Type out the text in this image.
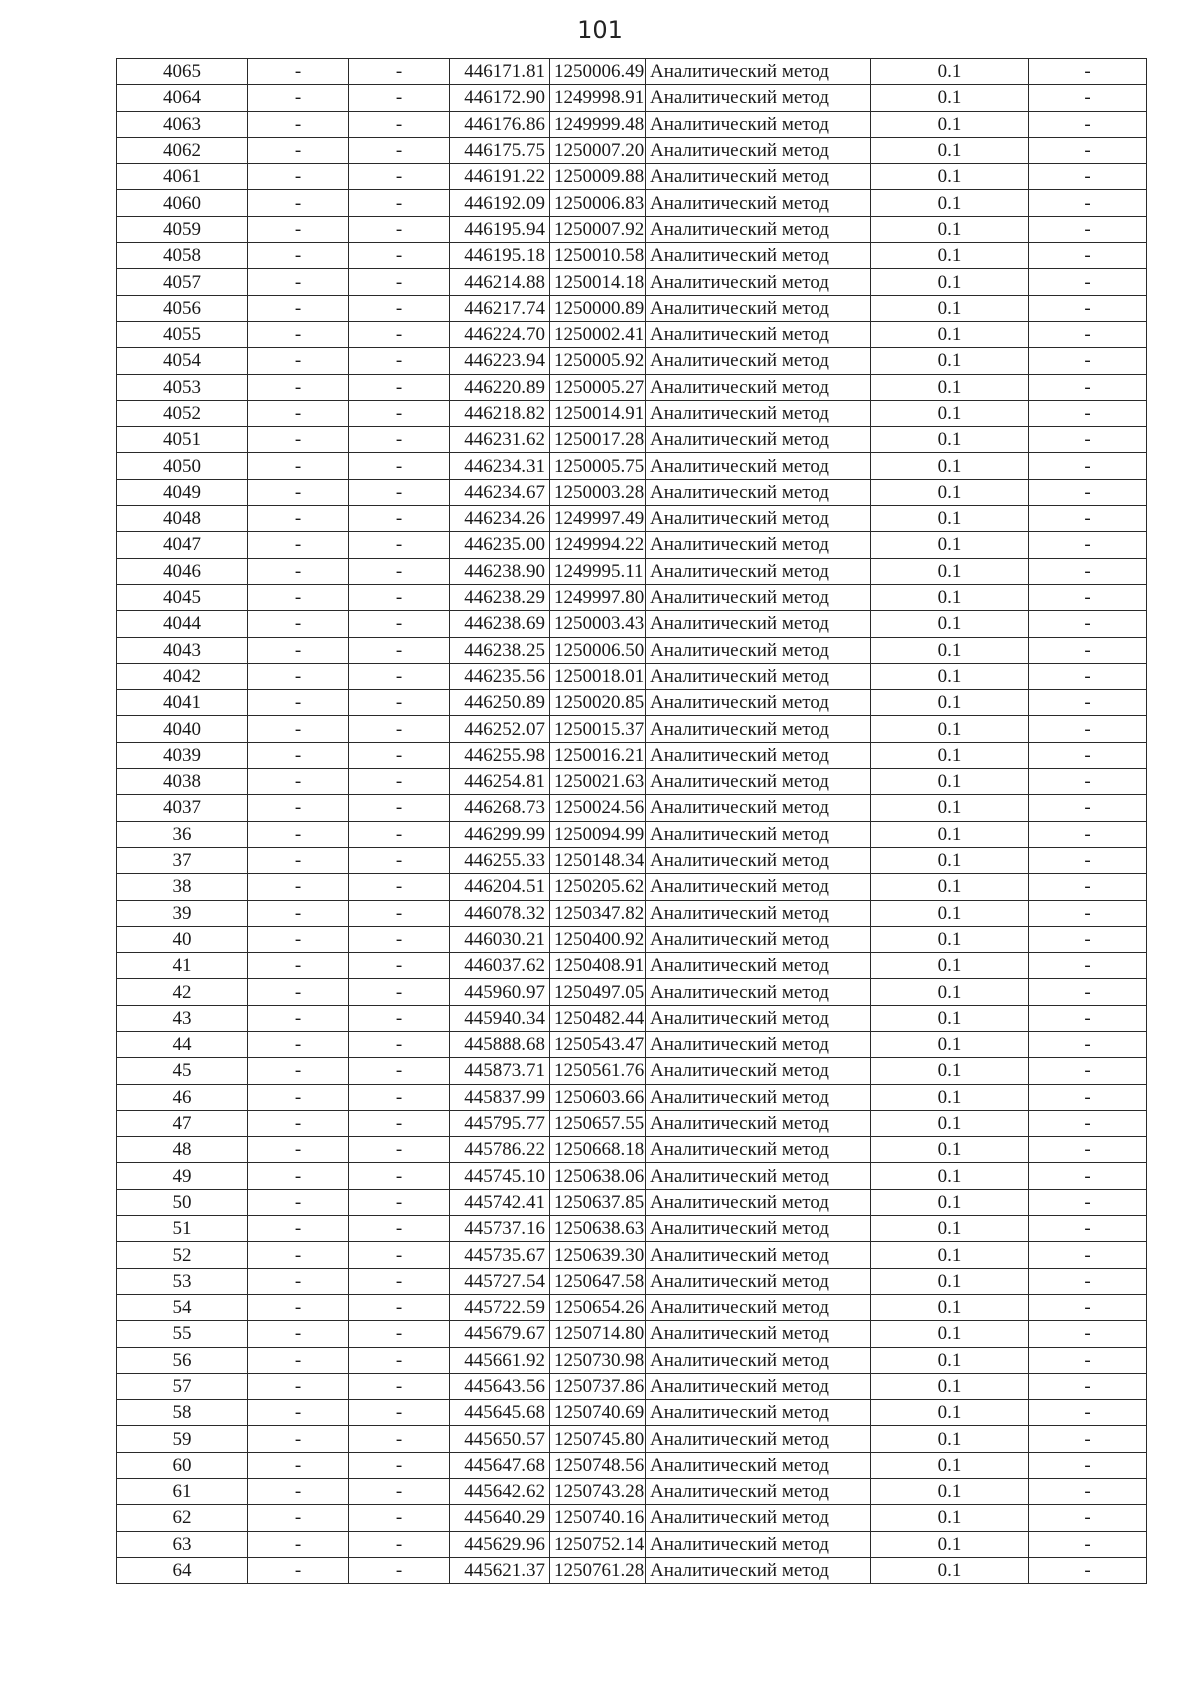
101
4065	-	-	446171.81	1250006.49	Аналитический метод	0.1	-
4064	-	-	446172.90	1249998.91	Аналитический метод	0.1	-
4063	-	-	446176.86	1249999.48	Аналитический метод	0.1	-
4062	-	-	446175.75	1250007.20	Аналитический метод	0.1	-
4061	-	-	446191.22	1250009.88	Аналитический метод	0.1	-
4060	-	-	446192.09	1250006.83	Аналитический метод	0.1	-
4059	-	-	446195.94	1250007.92	Аналитический метод	0.1	-
4058	-	-	446195.18	1250010.58	Аналитический метод	0.1	-
4057	-	-	446214.88	1250014.18	Аналитический метод	0.1	-
4056	-	-	446217.74	1250000.89	Аналитический метод	0.1	-
4055	-	-	446224.70	1250002.41	Аналитический метод	0.1	-
4054	-	-	446223.94	1250005.92	Аналитический метод	0.1	-
4053	-	-	446220.89	1250005.27	Аналитический метод	0.1	-
4052	-	-	446218.82	1250014.91	Аналитический метод	0.1	-
4051	-	-	446231.62	1250017.28	Аналитический метод	0.1	-
4050	-	-	446234.31	1250005.75	Аналитический метод	0.1	-
4049	-	-	446234.67	1250003.28	Аналитический метод	0.1	-
4048	-	-	446234.26	1249997.49	Аналитический метод	0.1	-
4047	-	-	446235.00	1249994.22	Аналитический метод	0.1	-
4046	-	-	446238.90	1249995.11	Аналитический метод	0.1	-
4045	-	-	446238.29	1249997.80	Аналитический метод	0.1	-
4044	-	-	446238.69	1250003.43	Аналитический метод	0.1	-
4043	-	-	446238.25	1250006.50	Аналитический метод	0.1	-
4042	-	-	446235.56	1250018.01	Аналитический метод	0.1	-
4041	-	-	446250.89	1250020.85	Аналитический метод	0.1	-
4040	-	-	446252.07	1250015.37	Аналитический метод	0.1	-
4039	-	-	446255.98	1250016.21	Аналитический метод	0.1	-
4038	-	-	446254.81	1250021.63	Аналитический метод	0.1	-
4037	-	-	446268.73	1250024.56	Аналитический метод	0.1	-
36	-	-	446299.99	1250094.99	Аналитический метод	0.1	-
37	-	-	446255.33	1250148.34	Аналитический метод	0.1	-
38	-	-	446204.51	1250205.62	Аналитический метод	0.1	-
39	-	-	446078.32	1250347.82	Аналитический метод	0.1	-
40	-	-	446030.21	1250400.92	Аналитический метод	0.1	-
41	-	-	446037.62	1250408.91	Аналитический метод	0.1	-
42	-	-	445960.97	1250497.05	Аналитический метод	0.1	-
43	-	-	445940.34	1250482.44	Аналитический метод	0.1	-
44	-	-	445888.68	1250543.47	Аналитический метод	0.1	-
45	-	-	445873.71	1250561.76	Аналитический метод	0.1	-
46	-	-	445837.99	1250603.66	Аналитический метод	0.1	-
47	-	-	445795.77	1250657.55	Аналитический метод	0.1	-
48	-	-	445786.22	1250668.18	Аналитический метод	0.1	-
49	-	-	445745.10	1250638.06	Аналитический метод	0.1	-
50	-	-	445742.41	1250637.85	Аналитический метод	0.1	-
51	-	-	445737.16	1250638.63	Аналитический метод	0.1	-
52	-	-	445735.67	1250639.30	Аналитический метод	0.1	-
53	-	-	445727.54	1250647.58	Аналитический метод	0.1	-
54	-	-	445722.59	1250654.26	Аналитический метод	0.1	-
55	-	-	445679.67	1250714.80	Аналитический метод	0.1	-
56	-	-	445661.92	1250730.98	Аналитический метод	0.1	-
57	-	-	445643.56	1250737.86	Аналитический метод	0.1	-
58	-	-	445645.68	1250740.69	Аналитический метод	0.1	-
59	-	-	445650.57	1250745.80	Аналитический метод	0.1	-
60	-	-	445647.68	1250748.56	Аналитический метод	0.1	-
61	-	-	445642.62	1250743.28	Аналитический метод	0.1	-
62	-	-	445640.29	1250740.16	Аналитический метод	0.1	-
63	-	-	445629.96	1250752.14	Аналитический метод	0.1	-
64	-	-	445621.37	1250761.28	Аналитический метод	0.1	-
